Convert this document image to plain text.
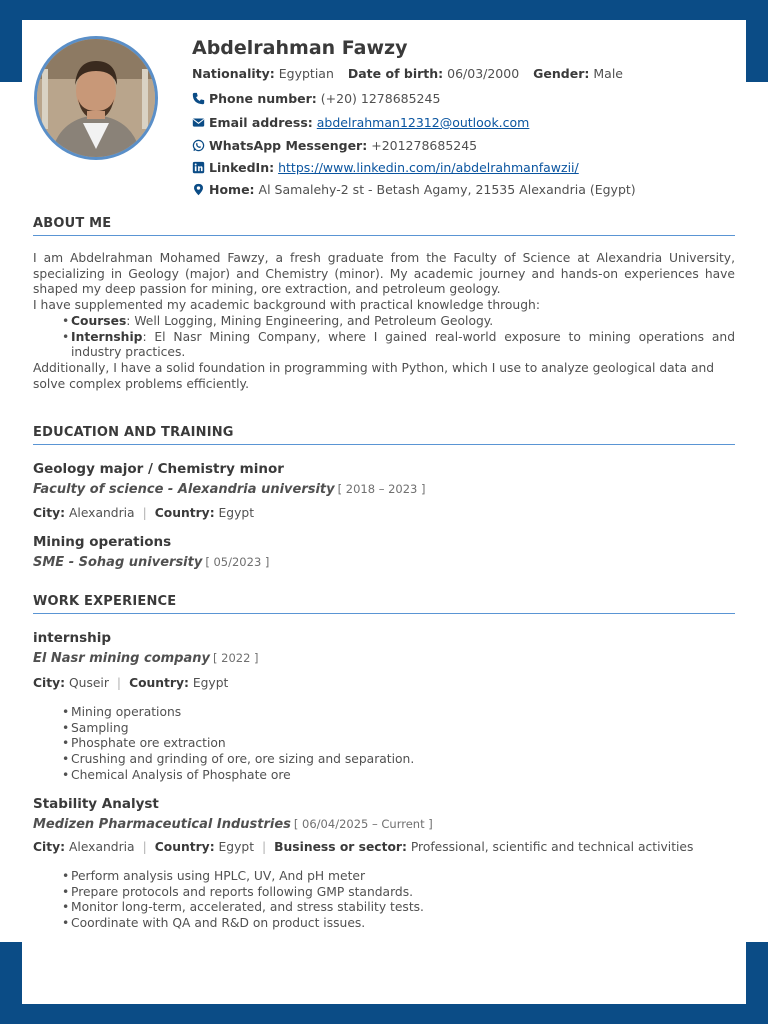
Abdelrahman Fawzy
Nationality: Egyptian Date of birth: 06/03/2000 Gender: Male
Phone number: (+20) 1278685245
Email address: abdelrahman12312@outlook.com
WhatsApp Messenger: +201278685245
LinkedIn: https://www.linkedin.com/in/abdelrahmanfawzii/
Home: Al Samalehy-2 st - Betash Agamy, 21535 Alexandria (Egypt)
ABOUT ME

I am Abdelrahman Mohamed Fawzy, a fresh graduate from the Faculty of Science at Alexandria University, specializing in Geology (major) and Chemistry (minor). My academic journey and hands-on experiences have shaped my deep passion for mining, ore extraction, and petroleum geology.

I have supplemented my academic background with practical knowledge through:

• Courses: Well Logging, Mining Engineering, and Petroleum Geology.
• Internship: El Nasr Mining Company, where I gained real-world exposure to mining operations and industry practices.

Additionally, I have a solid foundation in programming with Python, which I use to analyze geological data and solve complex problems efficiently.

EDUCATION AND TRAINING
Geology major / Chemistry minor
Faculty of science - Alexandria university [ 2018 – 2023 ]
City: Alexandria | Country: Egypt
Mining operations
SME - Sohag university [ 05/2023 ]
WORK EXPERIENCE
internship
El Nasr mining company [ 2022 ]
City: Quseir | Country: Egypt
• Mining operations
• Sampling
• Phosphate ore extraction
• Crushing and grinding of ore, ore sizing and separation.
• Chemical Analysis of Phosphate ore
Stability Analyst
Medizen Pharmaceutical Industries [ 06/04/2025 – Current ]
City: Alexandria | Country: Egypt | Business or sector: Professional, scientific and technical activities
• Perform analysis using HPLC, UV, And pH meter
• Prepare protocols and reports following GMP standards.
• Monitor long-term, accelerated, and stress stability tests.
• Coordinate with QA and R&D on product issues.
